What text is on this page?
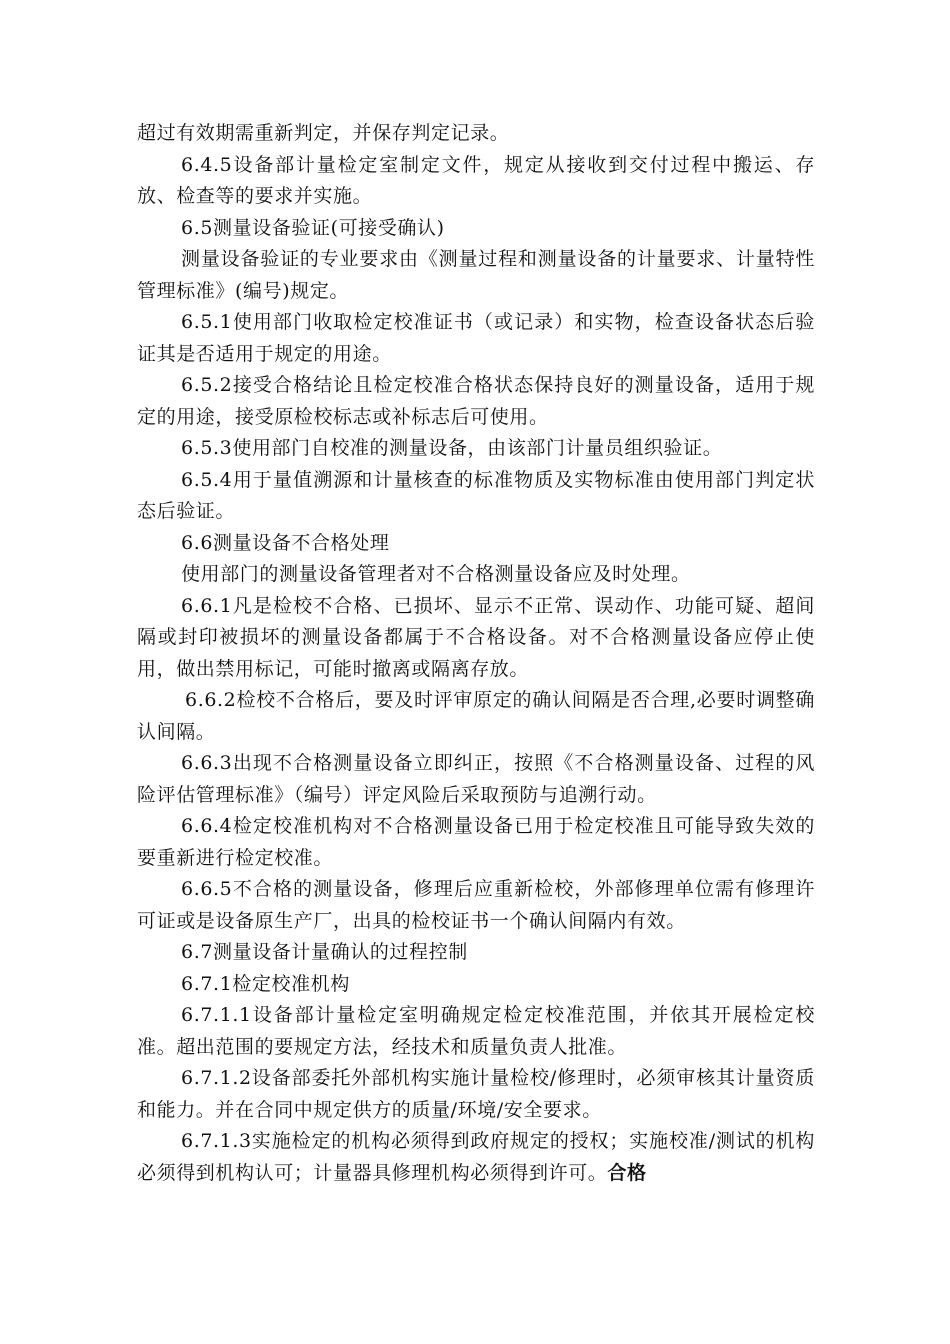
超过有效期需重新判定，并保存判定记录。

6.4.5设备部计量检定室制定文件，规定从接收到交付过程中搬运、存放、检查等的要求并实施。

6.5测量设备验证(可接受确认)

测量设备验证的专业要求由《测量过程和测量设备的计量要求、计量特性管理标准》(编号)规定。

6.5.1使用部门收取检定校准证书（或记录）和实物，检查设备状态后验证其是否适用于规定的用途。

6.5.2接受合格结论且检定校准合格状态保持良好的测量设备，适用于规定的用途，接受原检校标志或补标志后可使用。

6.5.3使用部门自校准的测量设备，由该部门计量员组织验证。

6.5.4用于量值溯源和计量核查的标准物质及实物标准由使用部门判定状态后验证。

6.6测量设备不合格处理

使用部门的测量设备管理者对不合格测量设备应及时处理。

6.6.1凡是检校不合格、已损坏、显示不正常、误动作、功能可疑、超间隔或封印被损坏的测量设备都属于不合格设备。对不合格测量设备应停止使用，做出禁用标记，可能时撤离或隔离存放。

6.6.2检校不合格后，要及时评审原定的确认间隔是否合理,必要时调整确认间隔。

6.6.3出现不合格测量设备立即纠正，按照《不合格测量设备、过程的风险评估管理标准》（编号）评定风险后采取预防与追溯行动。

6.6.4检定校准机构对不合格测量设备已用于检定校准且可能导致失效的要重新进行检定校准。

6.6.5不合格的测量设备，修理后应重新检校，外部修理单位需有修理许可证或是设备原生产厂，出具的检校证书一个确认间隔内有效。

6.7测量设备计量确认的过程控制

6.7.1检定校准机构

6.7.1.1设备部计量检定室明确规定检定校准范围，并依其开展检定校准。超出范围的要规定方法，经技术和质量负责人批准。

6.7.1.2设备部委托外部机构实施计量检校/修理时，必须审核其计量资质和能力。并在合同中规定供方的质量/环境/安全要求。

6.7.1.3实施检定的机构必须得到政府规定的授权；实施校准/测试的机构必须得到机构认可；计量器具修理机构必须得到许可。合格
